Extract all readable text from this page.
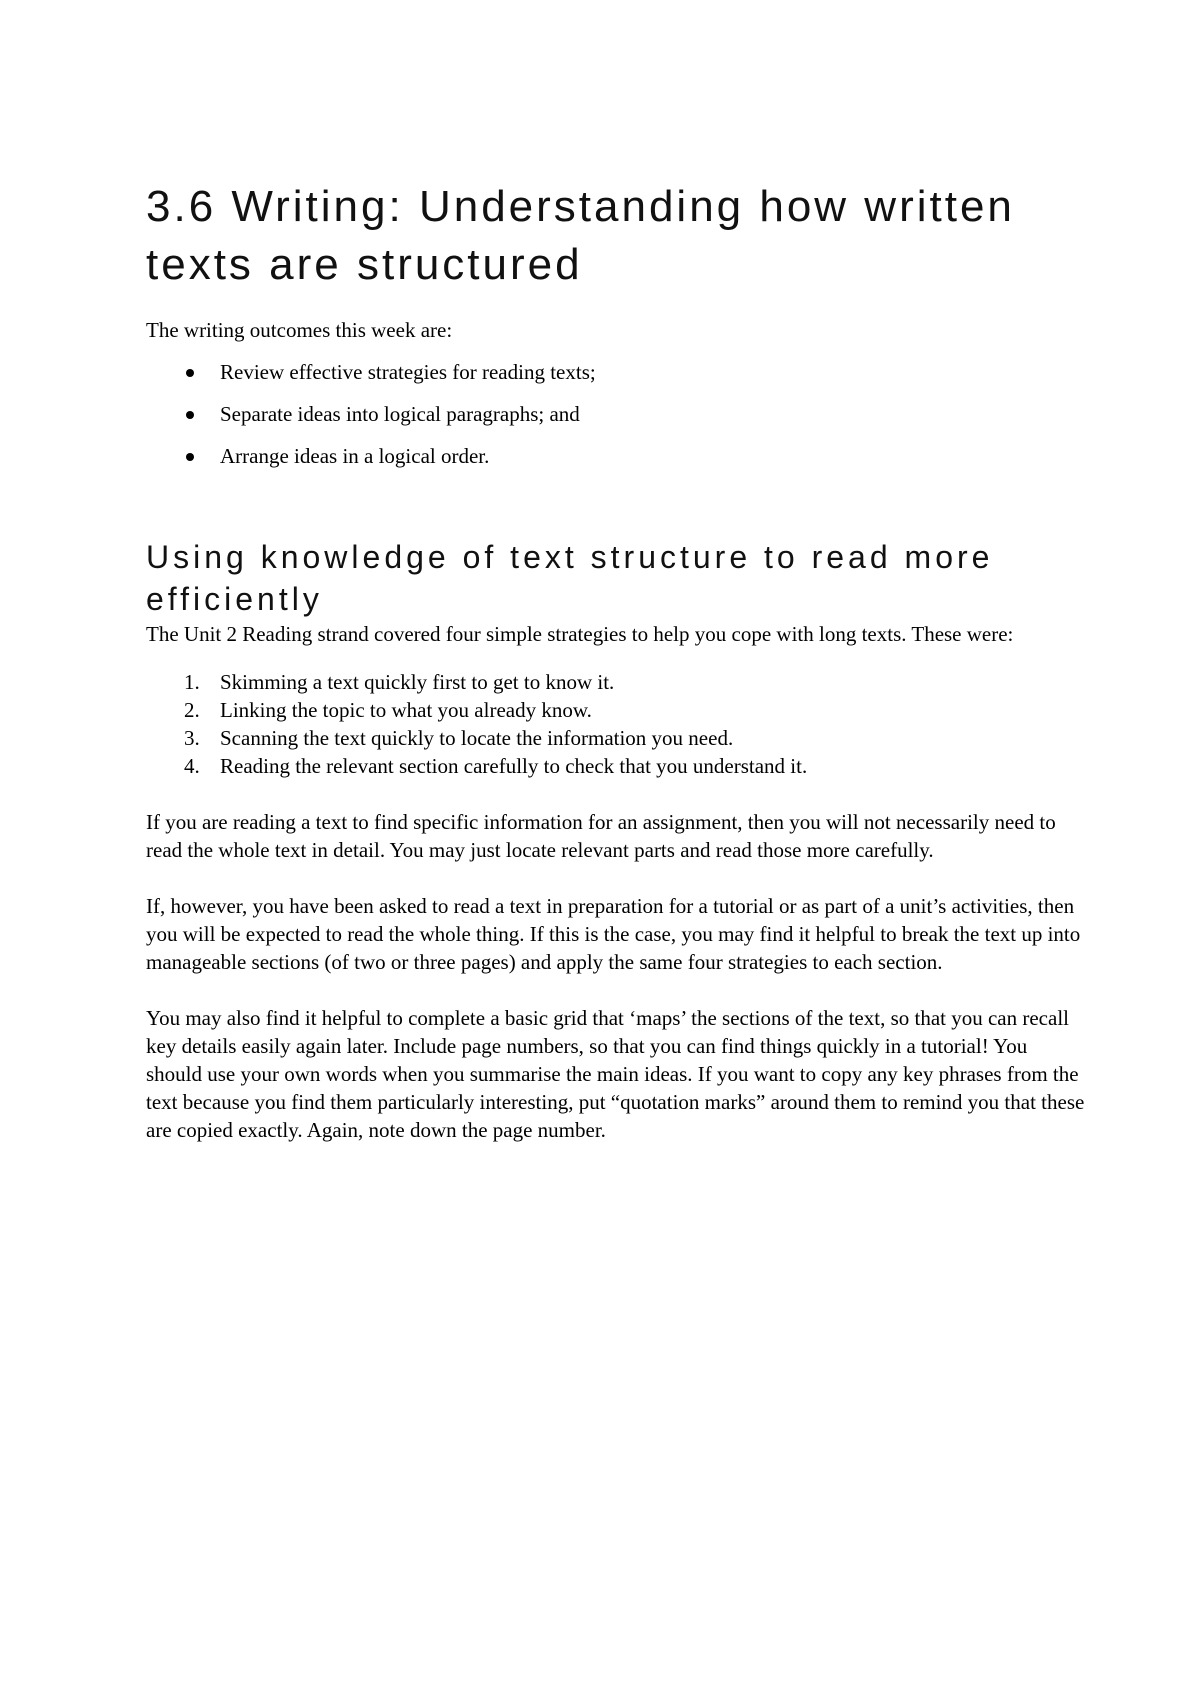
3.6 Writing: Understanding how written texts are structured

The writing outcomes this week are:

Review effective strategies for reading texts;
Separate ideas into logical paragraphs; and
Arrange ideas in a logical order.
Using knowledge of text structure to read more efficiently

The Unit 2 Reading strand covered four simple strategies to help you cope with long texts. These were:

1. Skimming a text quickly first to get to know it.
2. Linking the topic to what you already know.
3. Scanning the text quickly to locate the information you need.
4. Reading the relevant section carefully to check that you understand it.

If you are reading a text to find specific information for an assignment, then you will not necessarily need to read the whole text in detail. You may just locate relevant parts and read those more carefully.

If, however, you have been asked to read a text in preparation for a tutorial or as part of a unit’s activities, then you will be expected to read the whole thing. If this is the case, you may find it helpful to break the text up into manageable sections (of two or three pages) and apply the same four strategies to each section.

You may also find it helpful to complete a basic grid that ‘maps’ the sections of the text, so that you can recall key details easily again later. Include page numbers, so that you can find things quickly in a tutorial! You should use your own words when you summarise the main ideas. If you want to copy any key phrases from the text because you find them particularly interesting, put “quotation marks” around them to remind you that these are copied exactly. Again, note down the page number.
